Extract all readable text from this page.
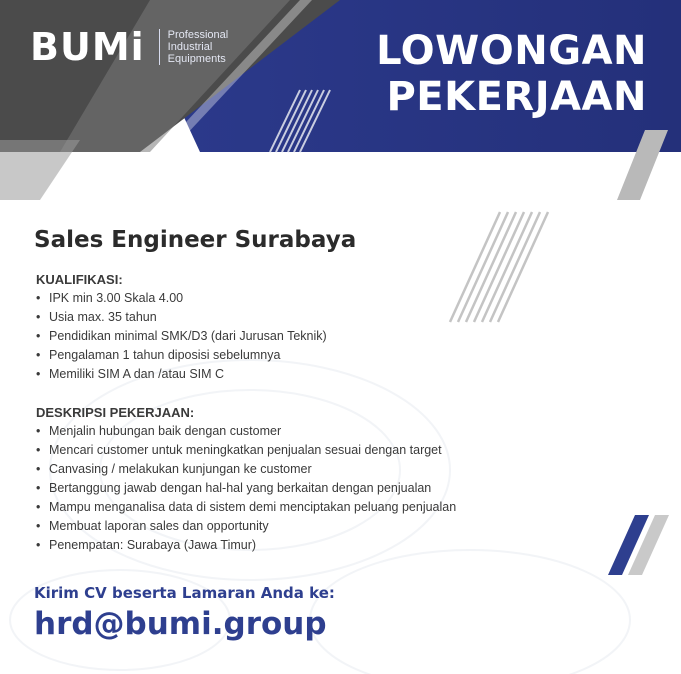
BUMi Professional
Industrial
Equipments	LOWONGAN
PEKERJAAN
Sales Engineer Surabaya
KUALIFIKASI:
• IPK min 3.00 Skala 4.00
• Usia max. 35 tahun
• Pendidikan minimal SMK/D3 (dari Jurusan Teknik)
• Pengalaman 1 tahun diposisi sebelumnya
• Memiliki SIM A dan /atau SIM C
DESKRIPSI PEKERJAAN:
• Menjalin hubungan baik dengan customer
• Mencari customer untuk meningkatkan penjualan sesuai dengan target
• Canvasing / melakukan kunjungan ke customer
• Bertanggung jawab dengan hal-hal yang berkaitan dengan penjualan
• Mampu menganalisa data di sistem demi menciptakan peluang penjualan
• Membuat laporan sales dan opportunity
• Penempatan: Surabaya (Jawa Timur)
Kirim CV beserta Lamaran Anda ke:
hrd@bumi.group
